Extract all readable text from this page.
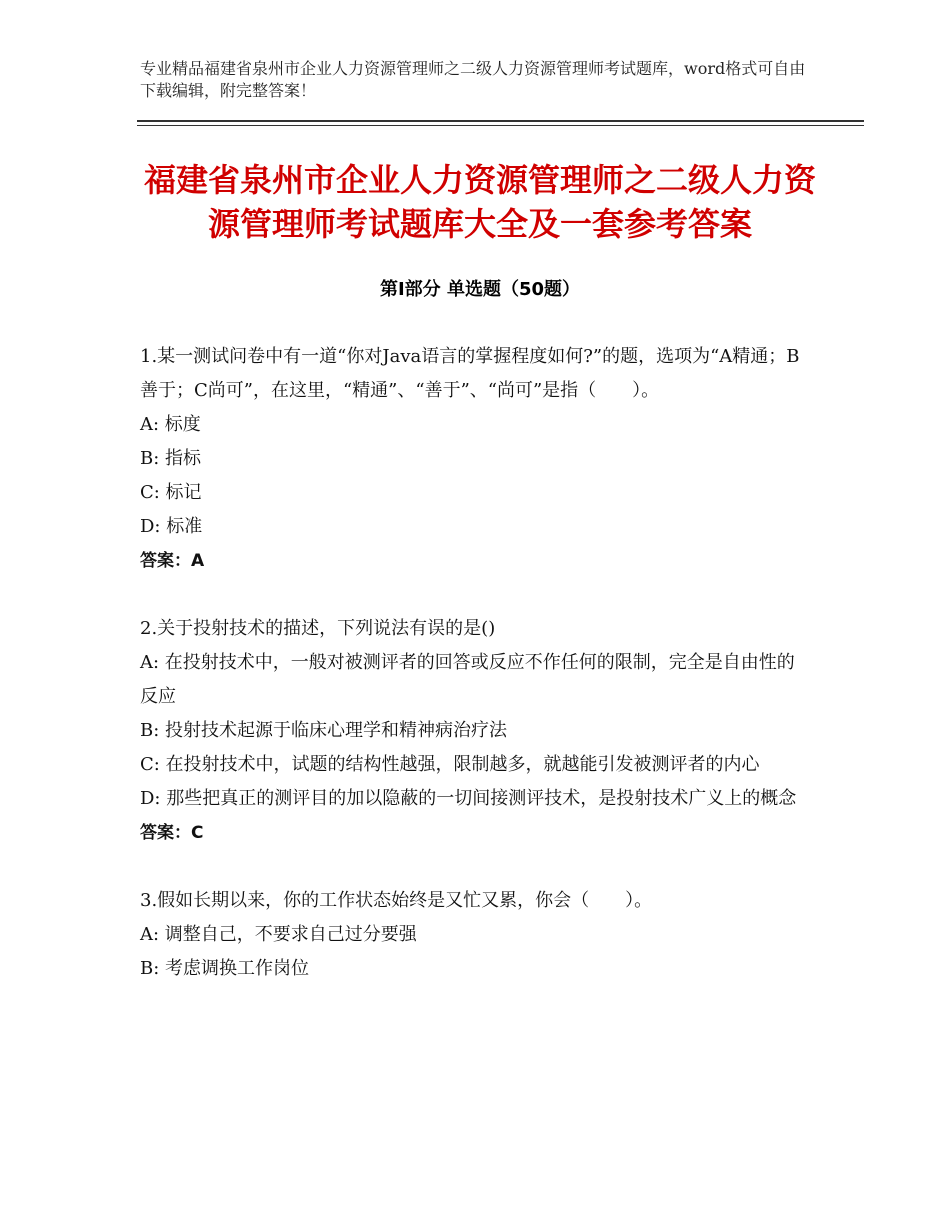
专业精品福建省泉州市企业人力资源管理师之二级人力资源管理师考试题库，word格式可自由下载编辑，附完整答案！
福建省泉州市企业人力资源管理师之二级人力资源管理师考试题库大全及一套参考答案
第Ⅰ部分 单选题（50题）
1.某一测试问卷中有一道“你对Java语言的掌握程度如何?”的题，选项为“A精通；B善于；C尚可”，在这里，“精通”、“善于”、“尚可”是指（　　）。
A: 标度
B: 指标
C: 标记
D: 标准
答案：A
2.关于投射技术的描述，下列说法有误的是()
A: 在投射技术中，一般对被测评者的回答或反应不作任何的限制，完全是自由性的反应
B: 投射技术起源于临床心理学和精神病治疗法
C: 在投射技术中，试题的结构性越强，限制越多，就越能引发被测评者的内心
D: 那些把真正的测评目的加以隐蔽的一切间接测评技术，是投射技术广义上的概念
答案：C
3.假如长期以来，你的工作状态始终是又忙又累，你会（　　）。
A: 调整自己，不要求自己过分要强
B: 考虑调换工作岗位
